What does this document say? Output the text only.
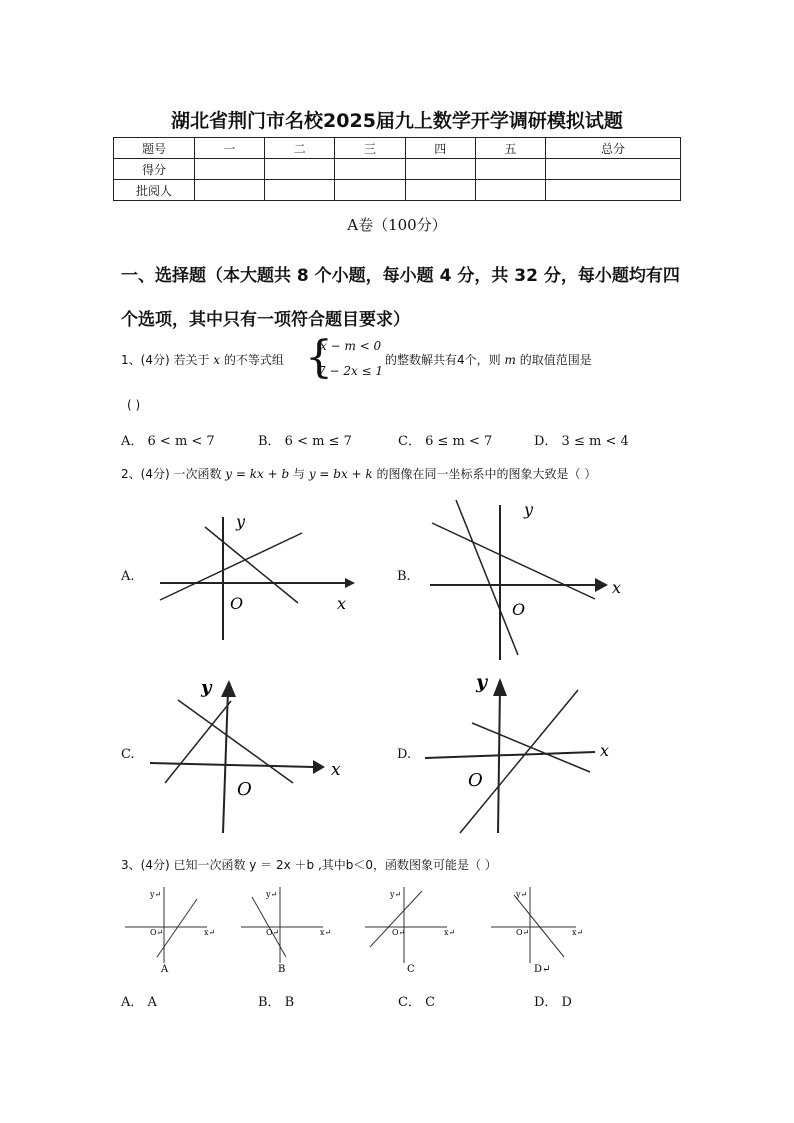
湖北省荆门市名校2025届九上数学开学调研模拟试题
题号	一	二	三	四	五	总分
得分						
批阅人						
A卷（100分）
一、选择题（本大题共 8 个小题，每小题 4 分，共 32 分，每小题均有四个选项，其中只有一项符合题目要求）
1、(4分) 若关于 x 的不等式组 {
x − m < 0
7 − 2x ≤ 1
的整数解共有4个，则 m 的取值范围是
( )
A． 6 < m < 7	B． 6 < m ≤ 7	C． 6 ≤ m < 7	D． 3 ≤ m < 4
2、(4分) 一次函数 y = kx + b 与 y = bx + k 的图像在同一坐标系中的图象大致是（ ）
A.	B.
C.	D.
y
O	x
y
O
x
y
O
x
y
O
x
3、(4分) 已知一次函数 y ＝ 2x ＋b ,其中b＜0，函数图象可能是（ ）
y↵
O↵	x↵
A
y↵
O↵	x↵
B
y↵
O↵	x↵
C
y↵
O↵	x↵
D↵
A． A	B． B	C． C	D． D
